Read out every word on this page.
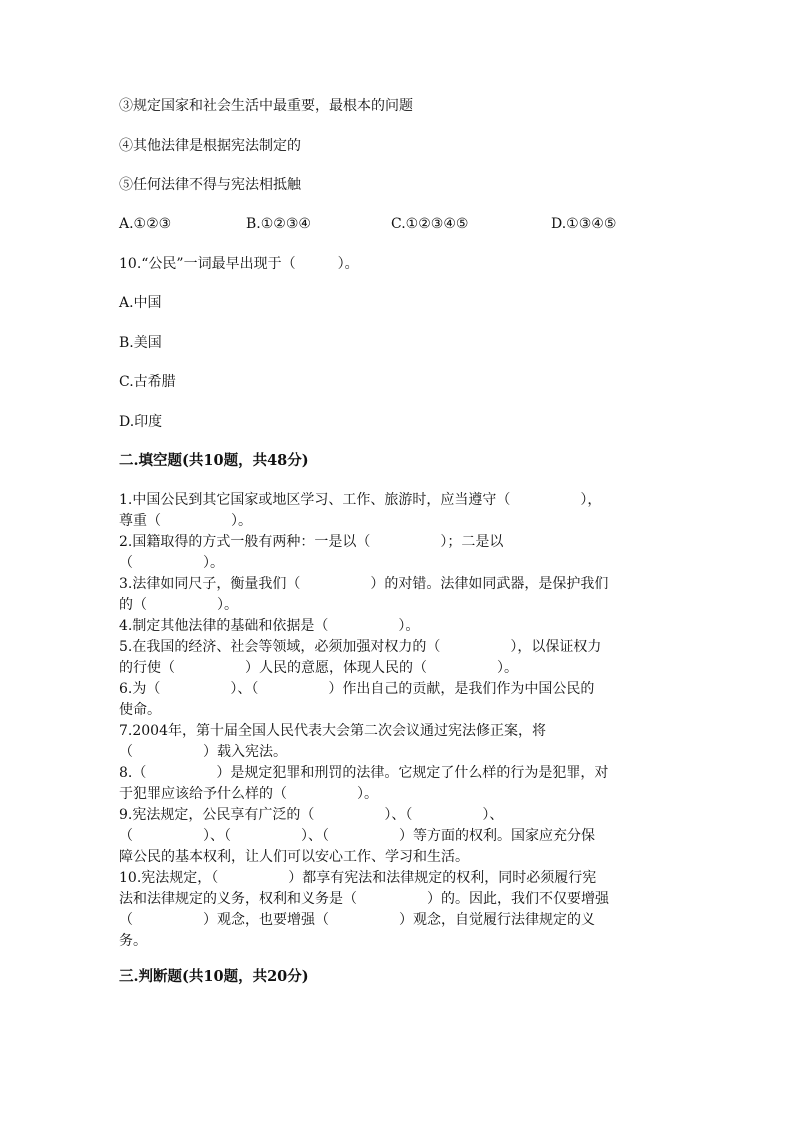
③规定国家和社会生活中最重要，最根本的问题
④其他法律是根据宪法制定的
⑤任何法律不得与宪法相抵触
A.①②③	B.①②③④	C.①②③④⑤	D.①③④⑤
10.“公民”一词最早出现于（　　　）。
A.中国
B.美国
C.古希腊
D.印度
二.填空题(共10题，共48分)
1.中国公民到其它国家或地区学习、工作、旅游时，应当遵守（　　　　　），
尊重（　　　　　）。
2.国籍取得的方式一般有两种：一是以（　　　　　）；二是以
（　　　　　）。
3.法律如同尺子，衡量我们（　　　　　）的对错。法律如同武器，是保护我们
的（　　　　　）。
4.制定其他法律的基础和依据是（　　　　　）。
5.在我国的经济、社会等领域，必须加强对权力的（　　　　　），以保证权力
的行使（　　　　　）人民的意愿，体现人民的（　　　　　）。
6.为（　　　　　）、（　　　　　）作出自己的贡献，是我们作为中国公民的
使命。
7.2004年，第十届全国人民代表大会第二次会议通过宪法修正案，将
（　　　　　）载入宪法。
8.（　　　　　）是规定犯罪和刑罚的法律。它规定了什么样的行为是犯罪，对
于犯罪应该给予什么样的（　　　　　）。
9.宪法规定，公民享有广泛的（　　　　　）、（　　　　　）、
（　　　　　）、（　　　　　）、（　　　　　）等方面的权利。国家应充分保
障公民的基本权利，让人们可以安心工作、学习和生活。
10.宪法规定，（　　　　　）都享有宪法和法律规定的权利，同时必须履行宪
法和法律规定的义务，权利和义务是（　　　　　）的。因此，我们不仅要增强
（　　　　　）观念，也要增强（　　　　　）观念，自觉履行法律规定的义
务。
三.判断题(共10题，共20分)
